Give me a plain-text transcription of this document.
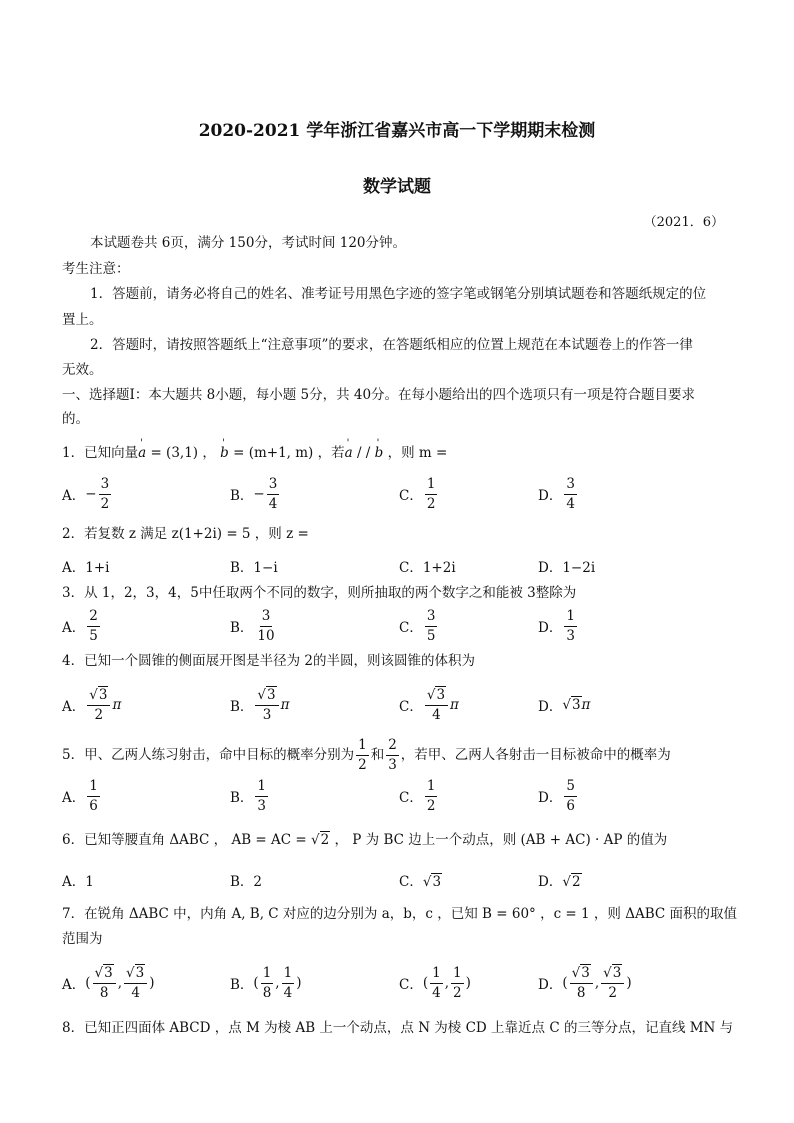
2020-2021 学年浙江省嘉兴市高一下学期期末检测
数学试题
（2021．6）
本试题卷共 6页，满分 150分，考试时间 120分钟。
考生注意：
1．答题前，请务必将自己的姓名、准考证号用黑色字迹的签字笔或钢笔分别填试题卷和答题纸规定的位
置上。
2．答题时，请按照答题纸上“注意事项”的要求，在答题纸相应的位置上规范在本试题卷上的作答一律
无效。
一、选择题Ⅰ：本大题共 8小题，每小题 5分，共 40分。在每小题给出的四个选项只有一项是符合题目要求
的。
1．已知向量' a = (3,1) ， ' b = (m+1, m) ，若' a / / ' b ，则 m =
A． − $\frac{3}{2}$	B． − $\frac{3}{4}$	C． $\frac{1}{2}$	D． $\frac{3}{4}$
2．若复数 z 满足 z(1+2i) = 5 ，则 z =
A．1+i	B．1−i	C．1+2i	D．1−2i
3．从 1，2，3，4，5中任取两个不同的数字，则所抽取的两个数字之和能被 3整除为
A． $\frac{2}{5}$	B． $\frac{3}{10}$	C． $\frac{3}{5}$	D． $\frac{1}{3}$
4．已知一个圆锥的侧面展开图是半径为 2的半圆，则该圆锥的体积为
A． $\frac{√3}{2}$ π	B． $\frac{√3}{3}$ π	C． $\frac{√3}{4}$ π	D． √ 3 π
5．甲、乙两人练习射击，命中目标的概率分别为 $\frac{1}{2}$ 和 $\frac{2}{3}$ ，若甲、乙两人各射击一目标被命中的概率为
A． $\frac{1}{6}$	B． $\frac{1}{3}$	C． $\frac{1}{2}$	D． $\frac{5}{6}$
6．已知等腰直角 ΔABC ， AB = AC = √2 ， P 为 BC 边上一个动点，则 (AB + AC) · AP 的值为
A．1	B．2	C．√3	D．√2
7．在锐角 ΔABC 中，内角 A, B, C 对应的边分别为 a，b，c ，已知 B = 60° ，c = 1 ，则 ΔABC 面积的取值
范围为
A． ( $\frac{√3}{8}$ , $\frac{√3}{4}$ )	B． ( $\frac{1}{8}$ , $\frac{1}{4}$ )	C． ( $\frac{1}{4}$ , $\frac{1}{2}$ )	D． ( $\frac{√3}{8}$ , $\frac{√3}{2}$ )
8．已知正四面体 ABCD ，点 M 为棱 AB 上一个动点，点 N 为棱 CD 上靠近点 C 的三等分点，记直线 MN 与
